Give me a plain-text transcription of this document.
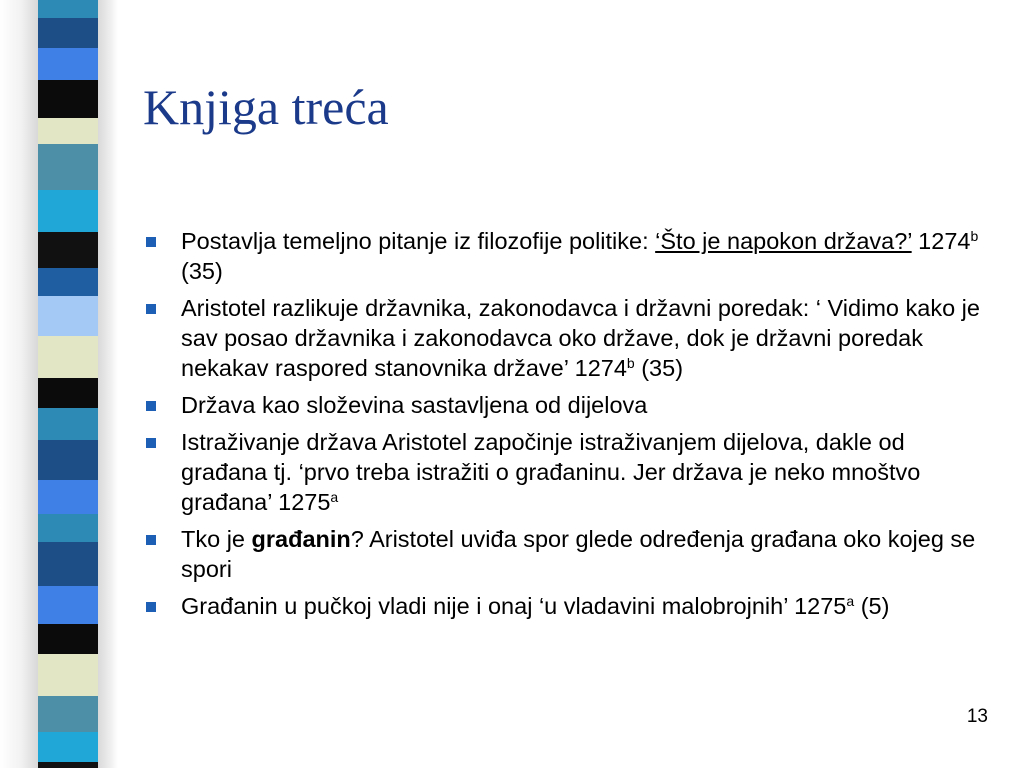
Knjiga treća
Postavlja temeljno pitanje iz filozofije politike: ‘Što je napokon država?’ 1274$^b$ (35)
Aristotel razlikuje državnika, zakonodavca i državni poredak: ‘ Vidimo kako je sav posao državnika i zakonodavca oko države, dok je državni poredak nekakav raspored stanovnika države’ 1274$^b$ (35)
Država kao složevina sastavljena od dijelova
Istraživanje država Aristotel započinje istraživanjem dijelova, dakle od građana tj. ‘prvo treba istražiti o građaninu. Jer država je neko mnoštvo građana’ 1275$^a$
Tko je građanin? Aristotel uviđa spor glede određenja građana oko kojeg se spori
Građanin u pučkoj vladi nije i onaj ‘u vladavini malobrojnih’ 1275$^a$ (5)
13
